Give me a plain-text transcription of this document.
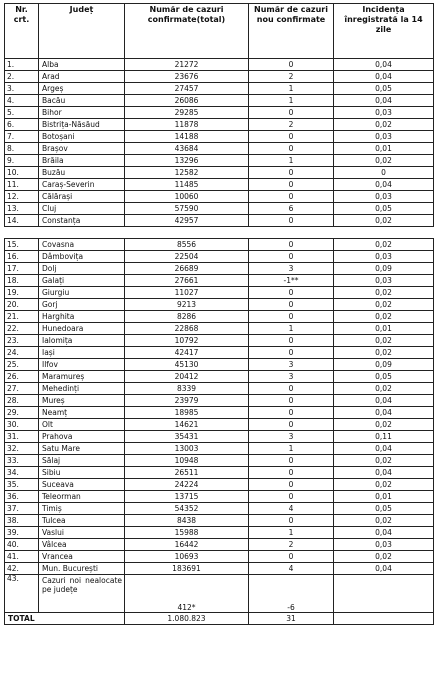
Nr. crt.	Județ	Număr de cazuri confirmate(total)	Număr de cazuri nou confirmate	Incidența înregistrată la 14 zile
1.	Alba	21272	0	0,04
2.	Arad	23676	2	0,04
3.	Argeș	27457	1	0,05
4.	Bacău	26086	1	0,04
5.	Bihor	29285	0	0,03
6.	Bistrița-Năsăud	11878	2	0,02
7.	Botoșani	14188	0	0,03
8.	Brașov	43684	0	0,01
9.	Brăila	13296	1	0,02
10.	Buzău	12582	0	0
11.	Caraș-Severin	11485	0	0,04
12.	Călărași	10060	0	0,03
13.	Cluj	57590	6	0,05
14.	Constanța	42957	0	0,02

15.	Covasna	8556	0	0,02
16.	Dâmbovița	22504	0	0,03
17.	Dolj	26689	3	0,09
18.	Galați	27661	-1**	0,03
19.	Giurgiu	11027	0	0,02
20.	Gorj	9213	0	0,02
21.	Harghita	8286	0	0,02
22.	Hunedoara	22868	1	0,01
23.	Ialomița	10792	0	0,02
24.	Iași	42417	0	0,02
25.	Ilfov	45130	3	0,09
26.	Maramureș	20412	3	0,05
27.	Mehedinți	8339	0	0,02
28.	Mureș	23979	0	0,04
29.	Neamț	18985	0	0,04
30.	Olt	14621	0	0,02
31.	Prahova	35431	3	0,11
32.	Satu Mare	13003	1	0,04
33.	Sălaj	10948	0	0,02
34.	Sibiu	26511	0	0,04
35.	Suceava	24224	0	0,02
36.	Teleorman	13715	0	0,01
37.	Timiș	54352	4	0,05
38.	Tulcea	8438	0	0,02
39.	Vaslui	15988	1	0,04
40.	Vâlcea	16442	2	0,03
41.	Vrancea	10693	0	0,02
42.	Mun. București	183691	4	0,04
43.	Cazuri noi nealocate pe județe	412*	-6	
TOTAL		1.080.823	31	
